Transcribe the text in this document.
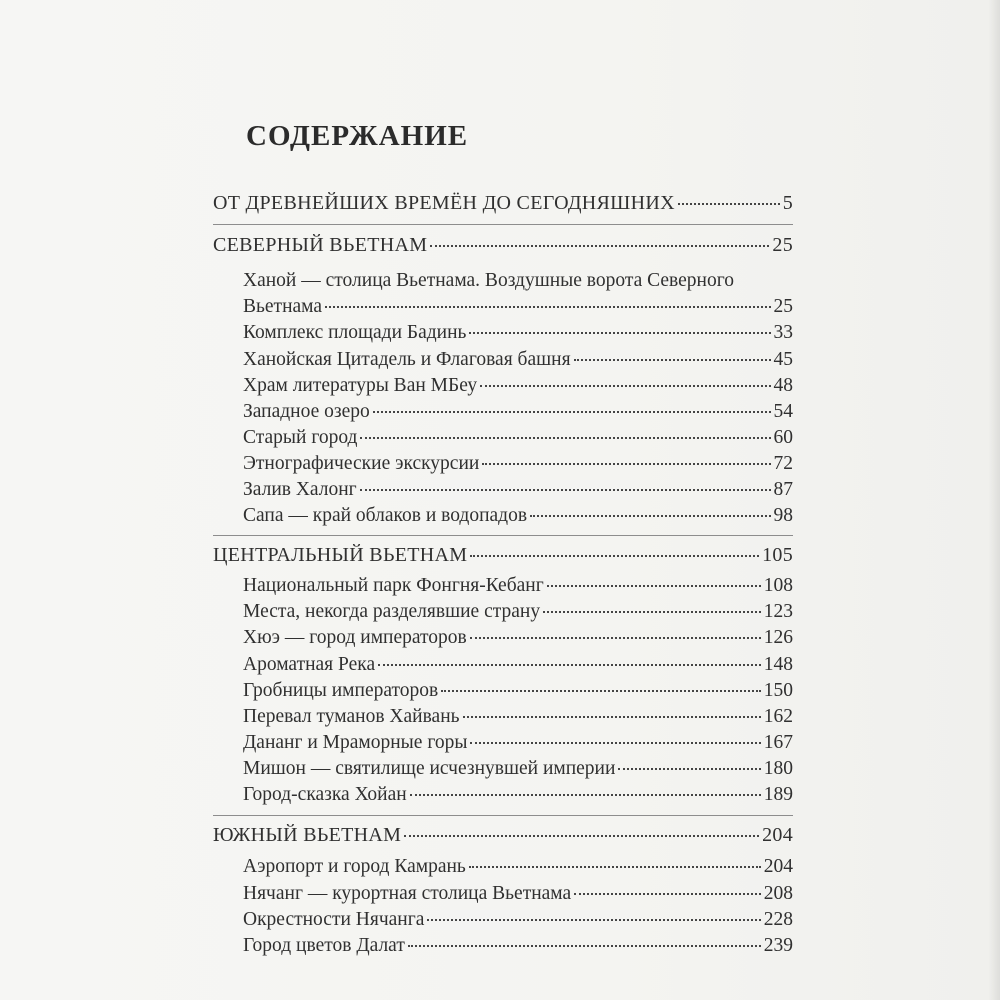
СОДЕРЖАНИЕ
ОТ ДРЕВНЕЙШИХ ВРЕМЁН ДО СЕГОДНЯШНИХ	5
СЕВЕРНЫЙ ВЬЕТНАМ	25
Ханой — столица Вьетнама. Воздушные ворота Северного
Вьетнама	25
Комплекс площади Бадинь	33
Ханойская Цитадель и Флаговая башня	45
Храм литературы Ван МБеу	48
Западное озеро	54
Старый город	60
Этнографические экскурсии	72
Залив Халонг	87
Сапа — край облаков и водопадов	98
ЦЕНТРАЛЬНЫЙ ВЬЕТНАМ	105
Национальный парк Фонгня-Кебанг	108
Места, некогда разделявшие страну	123
Хюэ — город императоров	126
Ароматная Река	148
Гробницы императоров	150
Перевал туманов Хайвань	162
Дананг и Мраморные горы	167
Мишон — святилище исчезнувшей империи	180
Город-сказка Хойан	189
ЮЖНЫЙ ВЬЕТНАМ	204
Аэропорт и город Камрань	204
Нячанг — курортная столица Вьетнама	208
Окрестности Нячанга	228
Город цветов Далат	239
